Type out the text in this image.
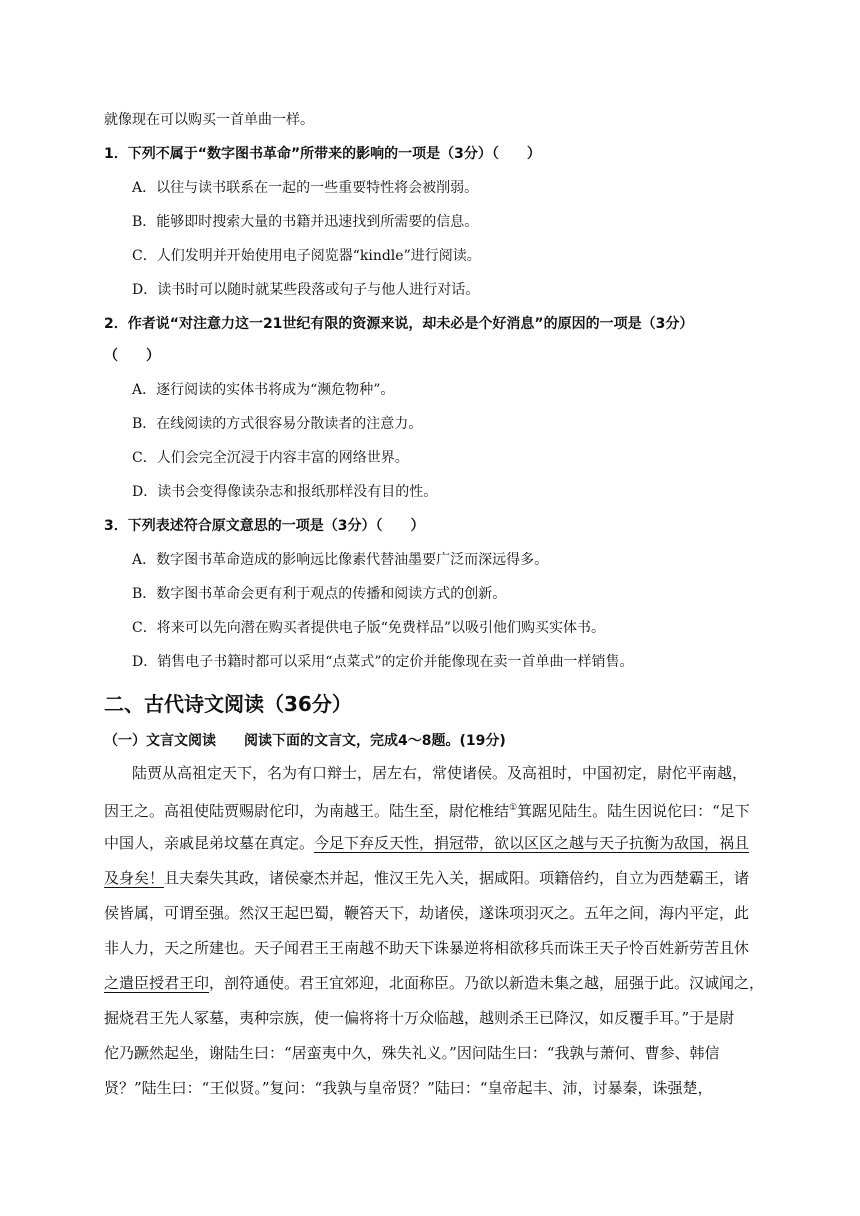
就像现在可以购买一首单曲一样。
1．下列不属于“数字图书革命”所带来的影响的一项是（3分）（　　）
A．以往与读书联系在一起的一些重要特性将会被削弱。
B．能够即时搜索大量的书籍并迅速找到所需要的信息。
C．人们发明并开始使用电子阅览器“kindle”进行阅读。
D．读书时可以随时就某些段落或句子与他人进行对话。
2．作者说“对注意力这一21世纪有限的资源来说，却未必是个好消息”的原因的一项是（3分）
（　　）
A．逐行阅读的实体书将成为“濒危物种”。
B．在线阅读的方式很容易分散读者的注意力。
C．人们会完全沉浸于内容丰富的网络世界。
D．读书会变得像读杂志和报纸那样没有目的性。
3．下列表述符合原文意思的一项是（3分）（　　）
A．数字图书革命造成的影响远比像素代替油墨要广泛而深远得多。
B．数字图书革命会更有利于观点的传播和阅读方式的创新。
C．将来可以先向潜在购买者提供电子版“免费样品”以吸引他们购买实体书。
D．销售电子书籍时都可以采用“点菜式”的定价并能像现在卖一首单曲一样销售。
二、古代诗文阅读（36分）
（一）文言文阅读　　阅读下面的文言文，完成4～8题。(19分)
陆贾从高祖定天下，名为有口辩士，居左右，常使诸侯。及高祖时，中国初定，尉佗平南越，
因王之。高祖使陆贾赐尉佗印，为南越王。陆生至，尉佗椎结①箕踞见陆生。陆生因说佗曰：“足下
中国人，亲戚昆弟坟墓在真定。今足下弃反天性，捐冠带，欲以区区之越与天子抗衡为敌国，祸且
及身矣！且夫秦失其政，诸侯豪杰并起，惟汉王先入关，据咸阳。项籍倍约，自立为西楚霸王，诸
侯皆属，可谓至强。然汉王起巴蜀，鞭笞天下，劫诸侯，遂诛项羽灭之。五年之间，海内平定，此
非人力，天之所建也。天子闻君王王南越不助天下诛暴逆将相欲移兵而诛王天子怜百姓新劳苦且休
之遣臣授君王印，剖符通使。君王宜郊迎，北面称臣。乃欲以新造未集之越，屈强于此。汉诚闻之，
掘烧君王先人冢墓，夷种宗族，使一偏将将十万众临越，越则杀王已降汉，如反覆手耳。”于是尉
佗乃蹶然起坐，谢陆生曰：“居蛮夷中久，殊失礼义。”因问陆生曰：“我孰与萧何、曹参、韩信
贤？”陆生曰：“王似贤。”复问：“我孰与皇帝贤？”陆曰：“皇帝起丰、沛，讨暴秦，诛强楚，
